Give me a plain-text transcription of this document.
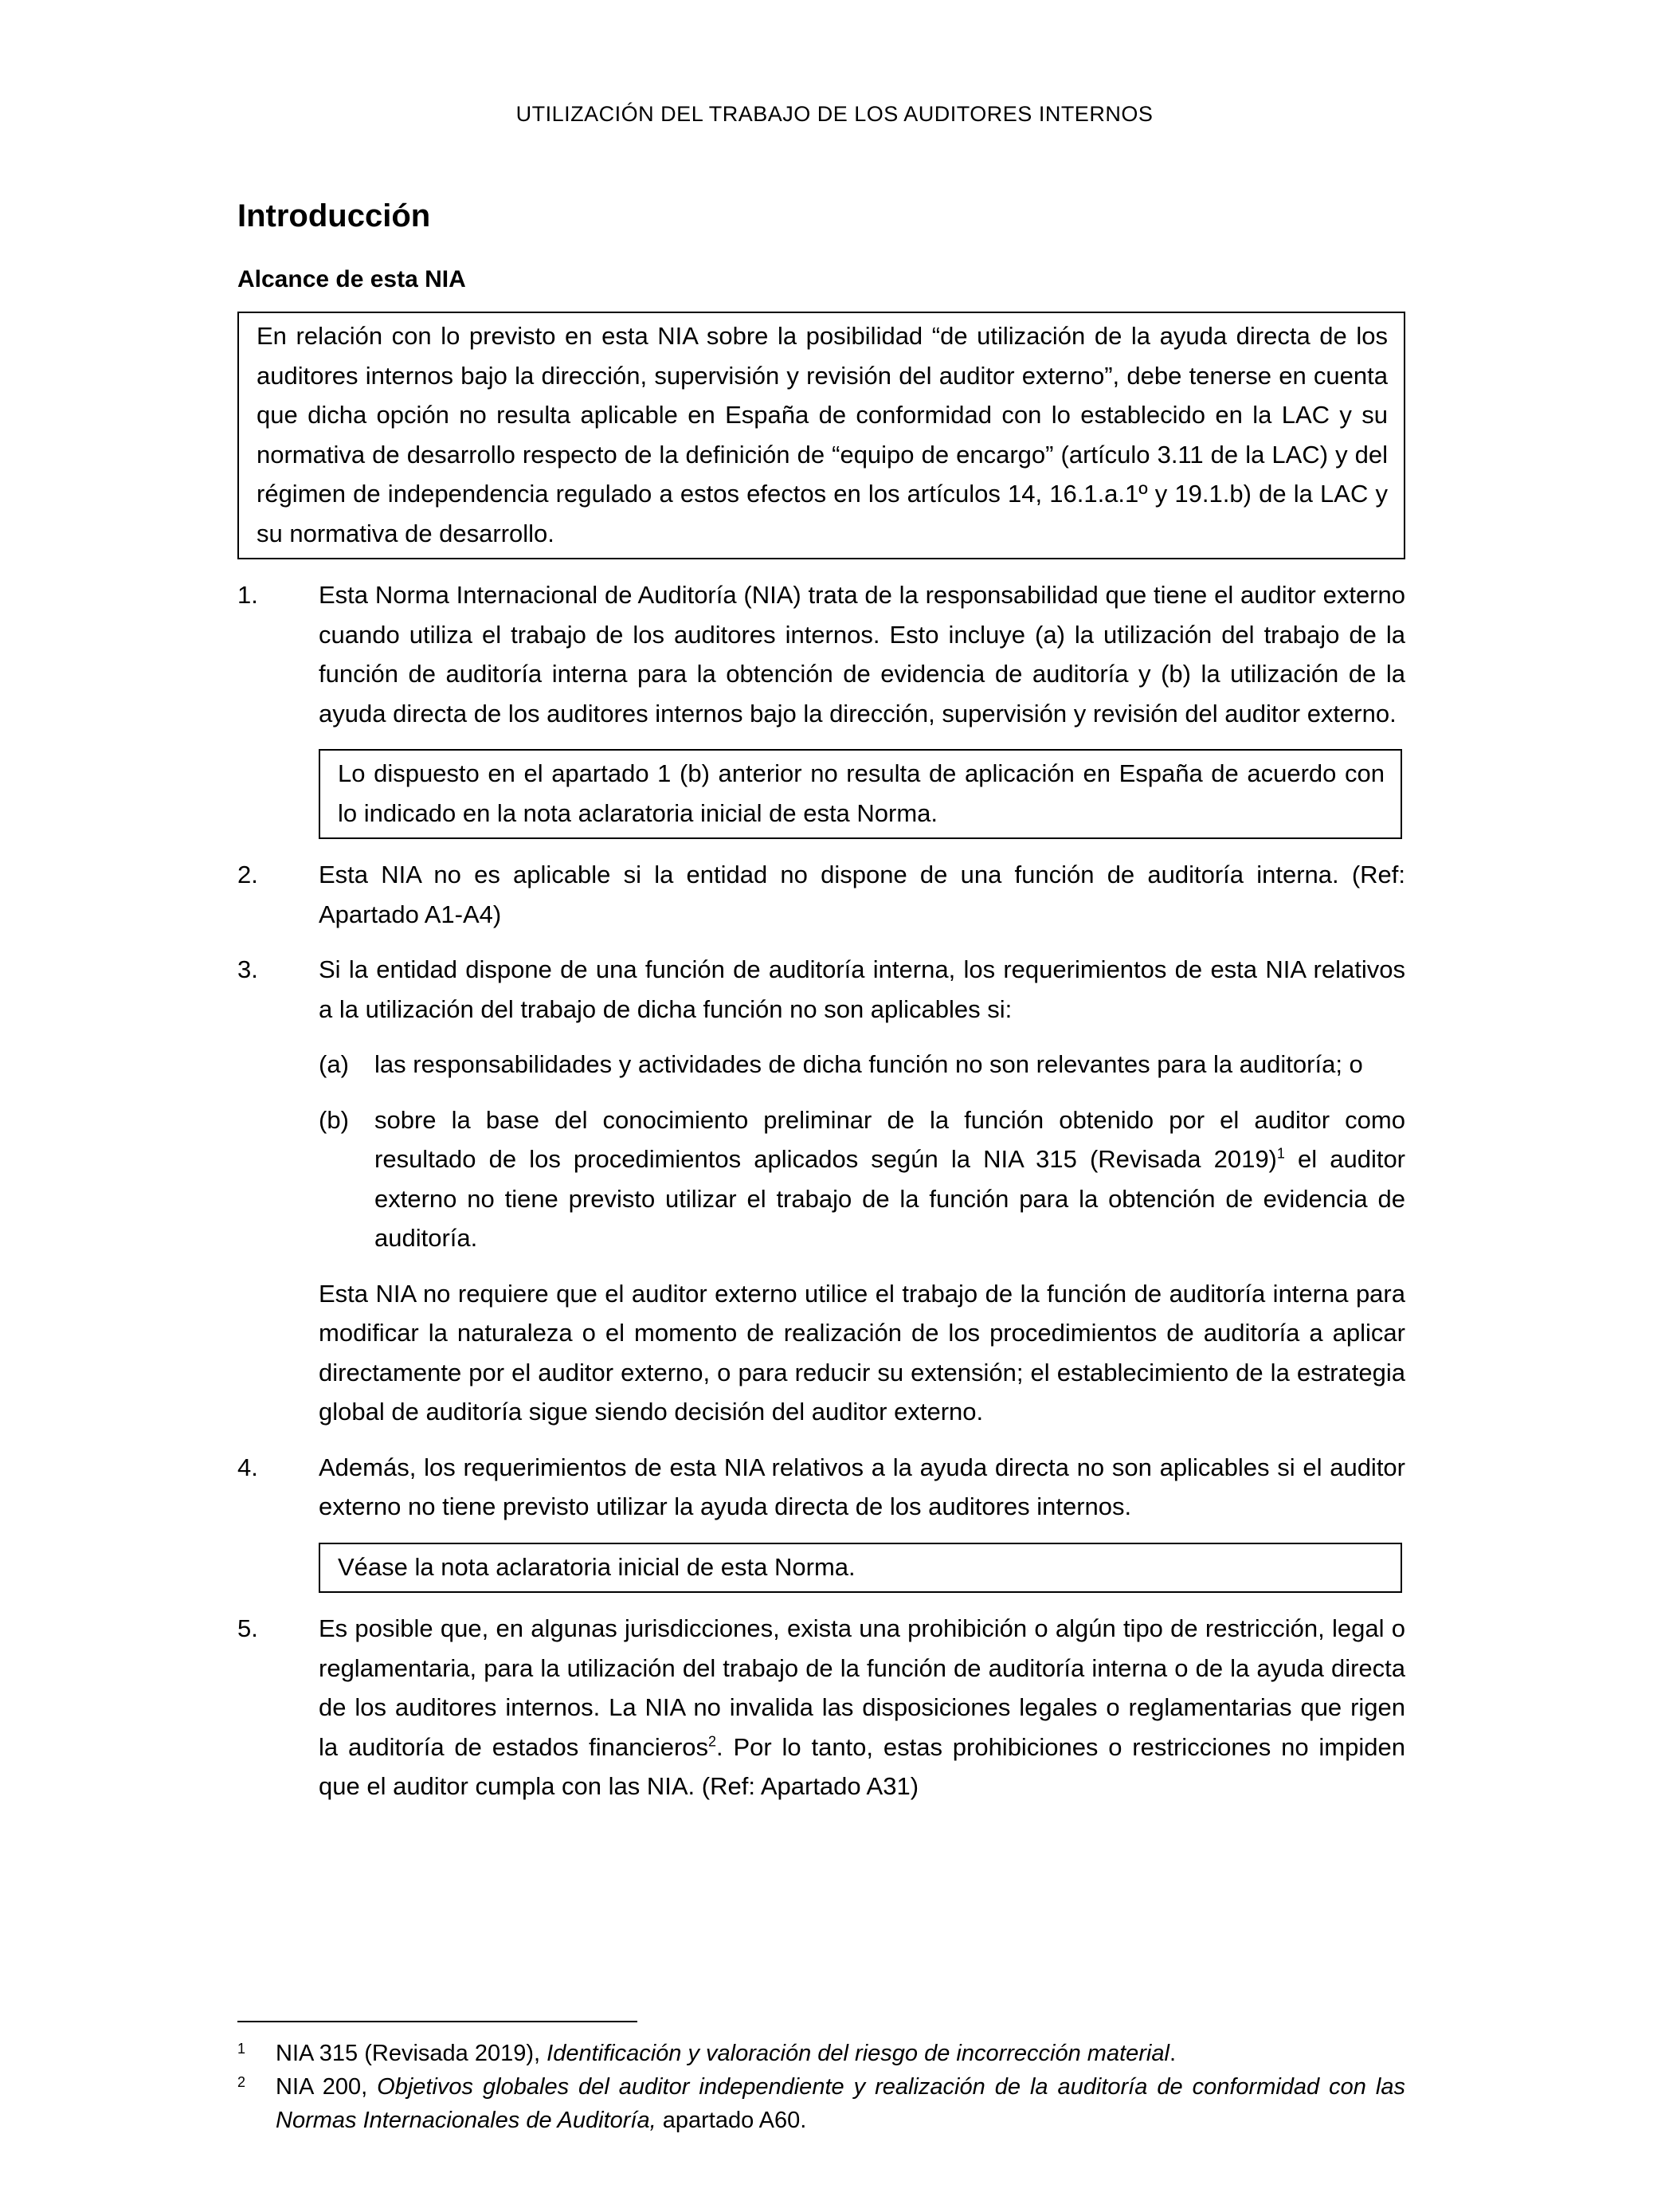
UTILIZACIÓN DEL TRABAJO DE LOS AUDITORES INTERNOS
Introducción
Alcance de esta NIA

En relación con lo previsto en esta NIA sobre la posibilidad “de utilización de la ayuda directa de los auditores internos bajo la dirección, supervisión y revisión del auditor externo”, debe tenerse en cuenta que dicha opción no resulta aplicable en España de conformidad con lo establecido en la LAC y su normativa de desarrollo respecto de la definición de “equipo de encargo” (artículo 3.11 de la LAC) y del régimen de independencia regulado a estos efectos en los artículos 14, 16.1.a.1º y 19.1.b) de la LAC y su normativa de desarrollo.

1. Esta Norma Internacional de Auditoría (NIA) trata de la responsabilidad que tiene el auditor externo cuando utiliza el trabajo de los auditores internos. Esto incluye (a) la utilización del trabajo de la función de auditoría interna para la obtención de evidencia de auditoría y (b) la utilización de la ayuda directa de los auditores internos bajo la dirección, supervisión y revisión del auditor externo.

Lo dispuesto en el apartado 1 (b) anterior no resulta de aplicación en España de acuerdo con lo indicado en la nota aclaratoria inicial de esta Norma.

2. Esta NIA no es aplicable si la entidad no dispone de una función de auditoría interna. (Ref: Apartado A1-A4)

3. Si la entidad dispone de una función de auditoría interna, los requerimientos de esta NIA relativos a la utilización del trabajo de dicha función no son aplicables si:

(a) las responsabilidades y actividades de dicha función no son relevantes para la auditoría; o

(b) sobre la base del conocimiento preliminar de la función obtenido por el auditor como resultado de los procedimientos aplicados según la NIA 315 (Revisada 2019)$^1$ el auditor externo no tiene previsto utilizar el trabajo de la función para la obtención de evidencia de auditoría.

Esta NIA no requiere que el auditor externo utilice el trabajo de la función de auditoría interna para modificar la naturaleza o el momento de realización de los procedimientos de auditoría a aplicar directamente por el auditor externo, o para reducir su extensión; el establecimiento de la estrategia global de auditoría sigue siendo decisión del auditor externo.

4. Además, los requerimientos de esta NIA relativos a la ayuda directa no son aplicables si el auditor externo no tiene previsto utilizar la ayuda directa de los auditores internos.

Véase la nota aclaratoria inicial de esta Norma.

5. Es posible que, en algunas jurisdicciones, exista una prohibición o algún tipo de restricción, legal o reglamentaria, para la utilización del trabajo de la función de auditoría interna o de la ayuda directa de los auditores internos. La NIA no invalida las disposiciones legales o reglamentarias que rigen la auditoría de estados financieros$^2$. Por lo tanto, estas prohibiciones o restricciones no impiden que el auditor cumpla con las NIA. (Ref: Apartado A31)

1 NIA 315 (Revisada 2019), Identificación y valoración del riesgo de incorrección material.
2 NIA 200, Objetivos globales del auditor independiente y realización de la auditoría de conformidad con las Normas Internacionales de Auditoría, apartado A60.
